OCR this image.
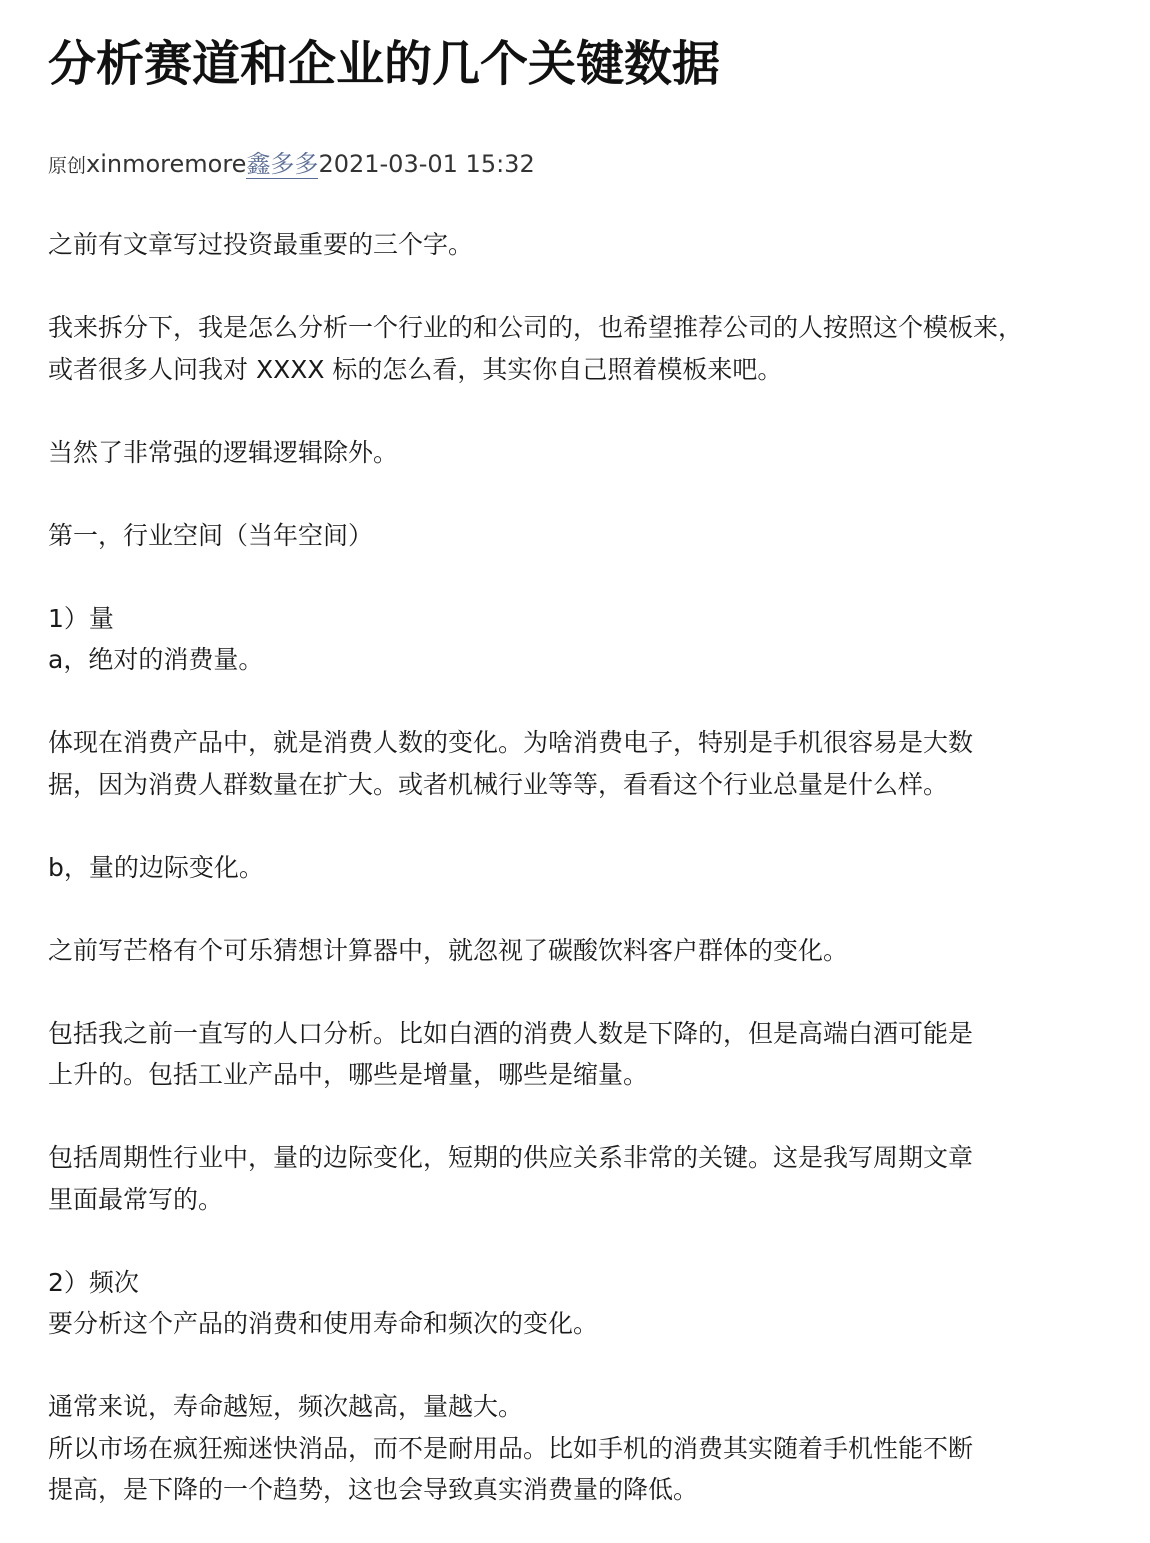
分析赛道和企业的几个关键数据
原创xinmoremore鑫多多2021-03-01 15:32

之前有文章写过投资最重要的三个字。

我来拆分下，我是怎么分析一个行业的和公司的，也希望推荐公司的人按照这个模板来，

或者很多人问我对 XXXX 标的怎么看，其实你自己照着模板来吧。

当然了非常强的逻辑逻辑除外。

第一，行业空间（当年空间）

1）量

a，绝对的消费量。

体现在消费产品中，就是消费人数的变化。为啥消费电子，特别是手机很容易是大数

据，因为消费人群数量在扩大。或者机械行业等等，看看这个行业总量是什么样。

b，量的边际变化。

之前写芒格有个可乐猜想计算器中，就忽视了碳酸饮料客户群体的变化。

包括我之前一直写的人口分析。比如白酒的消费人数是下降的，但是高端白酒可能是

上升的。包括工业产品中，哪些是增量，哪些是缩量。

包括周期性行业中，量的边际变化，短期的供应关系非常的关键。这是我写周期文章

里面最常写的。

2）频次

要分析这个产品的消费和使用寿命和频次的变化。

通常来说，寿命越短，频次越高，量越大。

所以市场在疯狂痴迷快消品，而不是耐用品。比如手机的消费其实随着手机性能不断

提高，是下降的一个趋势，这也会导致真实消费量的降低。
